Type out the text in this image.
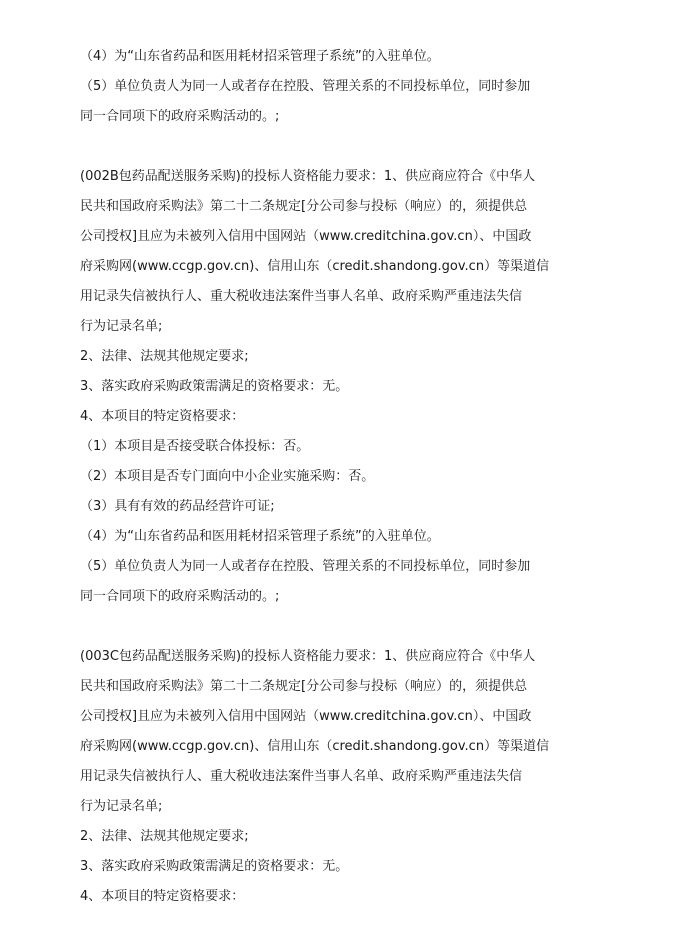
（4）为“山东省药品和医用耗材招采管理子系统”的入驻单位。
（5）单位负责人为同一人或者存在控股、管理关系的不同投标单位，同时参加
同一合同项下的政府采购活动的。;
(002B包药品配送服务采购)的投标人资格能力要求：1、供应商应符合《中华人
民共和国政府采购法》第二十二条规定[分公司参与投标（响应）的，须提供总
公司授权]且应为未被列入信用中国网站（www.creditchina.gov.cn）、中国政
府采购网(www.ccgp.gov.cn)、信用山东（credit.shandong.gov.cn）等渠道信
用记录失信被执行人、重大税收违法案件当事人名单、政府采购严重违法失信
行为记录名单;
2、法律、法规其他规定要求;
3、落实政府采购政策需满足的资格要求：无。
4、本项目的特定资格要求：
（1）本项目是否接受联合体投标：否。
（2）本项目是否专门面向中小企业实施采购：否。
（3）具有有效的药品经营许可证;
（4）为“山东省药品和医用耗材招采管理子系统”的入驻单位。
（5）单位负责人为同一人或者存在控股、管理关系的不同投标单位，同时参加
同一合同项下的政府采购活动的。;
(003C包药品配送服务采购)的投标人资格能力要求：1、供应商应符合《中华人
民共和国政府采购法》第二十二条规定[分公司参与投标（响应）的，须提供总
公司授权]且应为未被列入信用中国网站（www.creditchina.gov.cn）、中国政
府采购网(www.ccgp.gov.cn)、信用山东（credit.shandong.gov.cn）等渠道信
用记录失信被执行人、重大税收违法案件当事人名单、政府采购严重违法失信
行为记录名单;
2、法律、法规其他规定要求;
3、落实政府采购政策需满足的资格要求：无。
4、本项目的特定资格要求：
